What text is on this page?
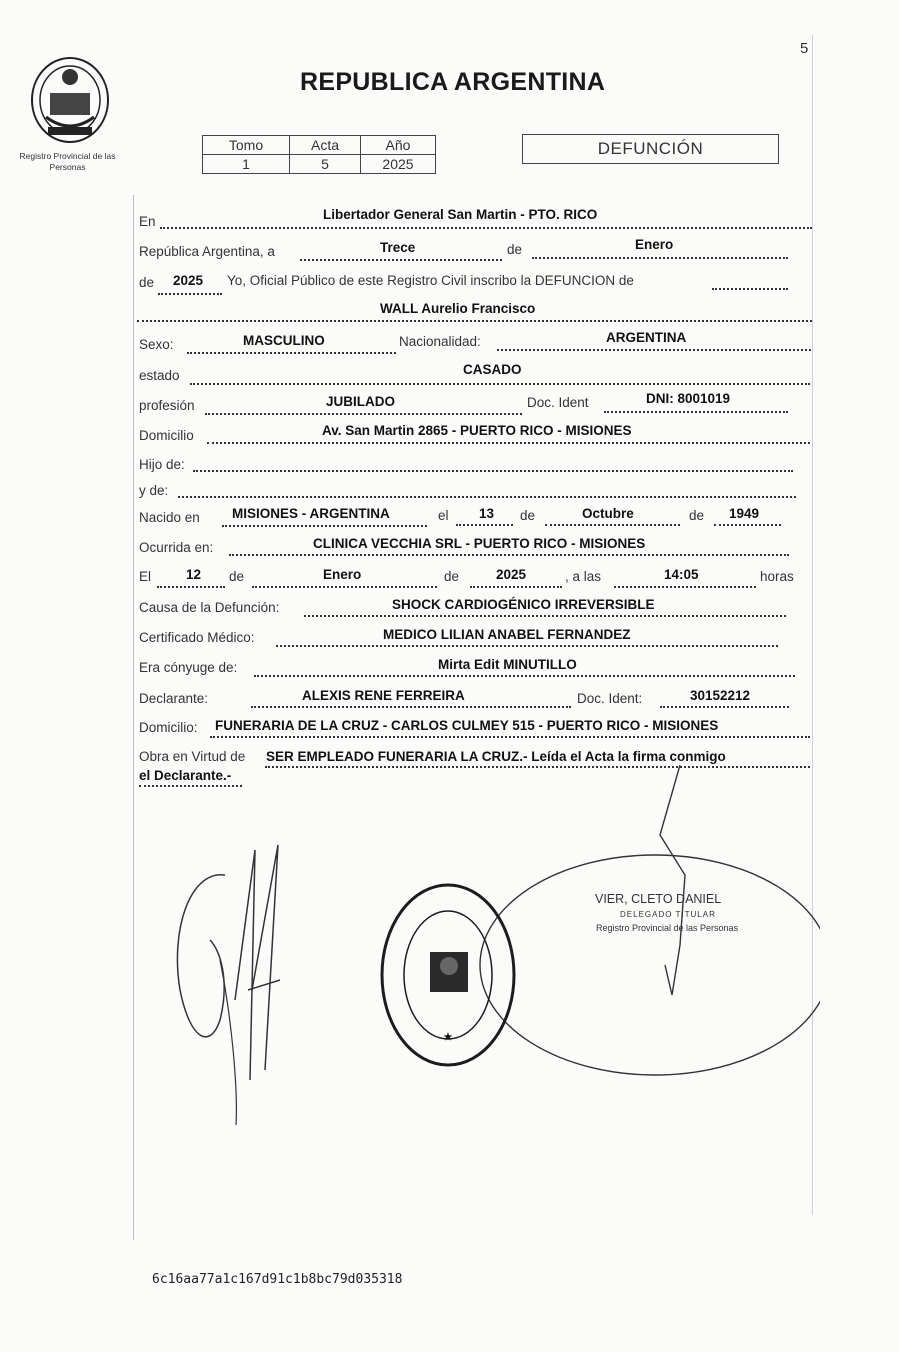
5
Registro Provincial de las Personas
REPUBLICA ARGENTINA
Tomo	Acta	Año
1	5	2025
DEFUNCIÓN
En	Libertador General San Martin - PTO. RICO
República Argentina, a	Trece	de	Enero
de 2025 Yo, Oficial Público de este Registro Civil inscribo la DEFUNCION de
WALL Aurelio Francisco
Sexo:	MASCULINO	Nacionalidad:	ARGENTINA
estado	CASADO
profesión	JUBILADO	Doc. Ident	DNI: 8001019
Domicilio	Av. San Martin 2865 - PUERTO RICO - MISIONES
Hijo de:
y de:
Nacido en MISIONES - ARGENTINA	el 13 de	Octubre	de 1949
Ocurrida en:	CLINICA VECCHIA SRL - PUERTO RICO - MISIONES
El	12 de	Enero	de	2025	, a las	14:05	horas
Causa de la Defunción:	SHOCK CARDIOGÉNICO IRREVERSIBLE
Certificado Médico:	MEDICO LILIAN ANABEL FERNANDEZ
Era cónyuge de:	Mirta Edit MINUTILLO
Declarante:	ALEXIS RENE FERREIRA	Doc. Ident:	30152212
Domicilio: FUNERARIA DE LA CRUZ - CARLOS CULMEY 515 - PUERTO RICO - MISIONES
Obra en Virtud de SER EMPLEADO FUNERARIA LA CRUZ.- Leída el Acta la firma conmigo
el Declarante.-
VIER, CLETO DANIEL
DELEGADO TITULAR
Registro Provincial de las Personas
★
6c16aa77a1c167d91c1b8bc79d035318
